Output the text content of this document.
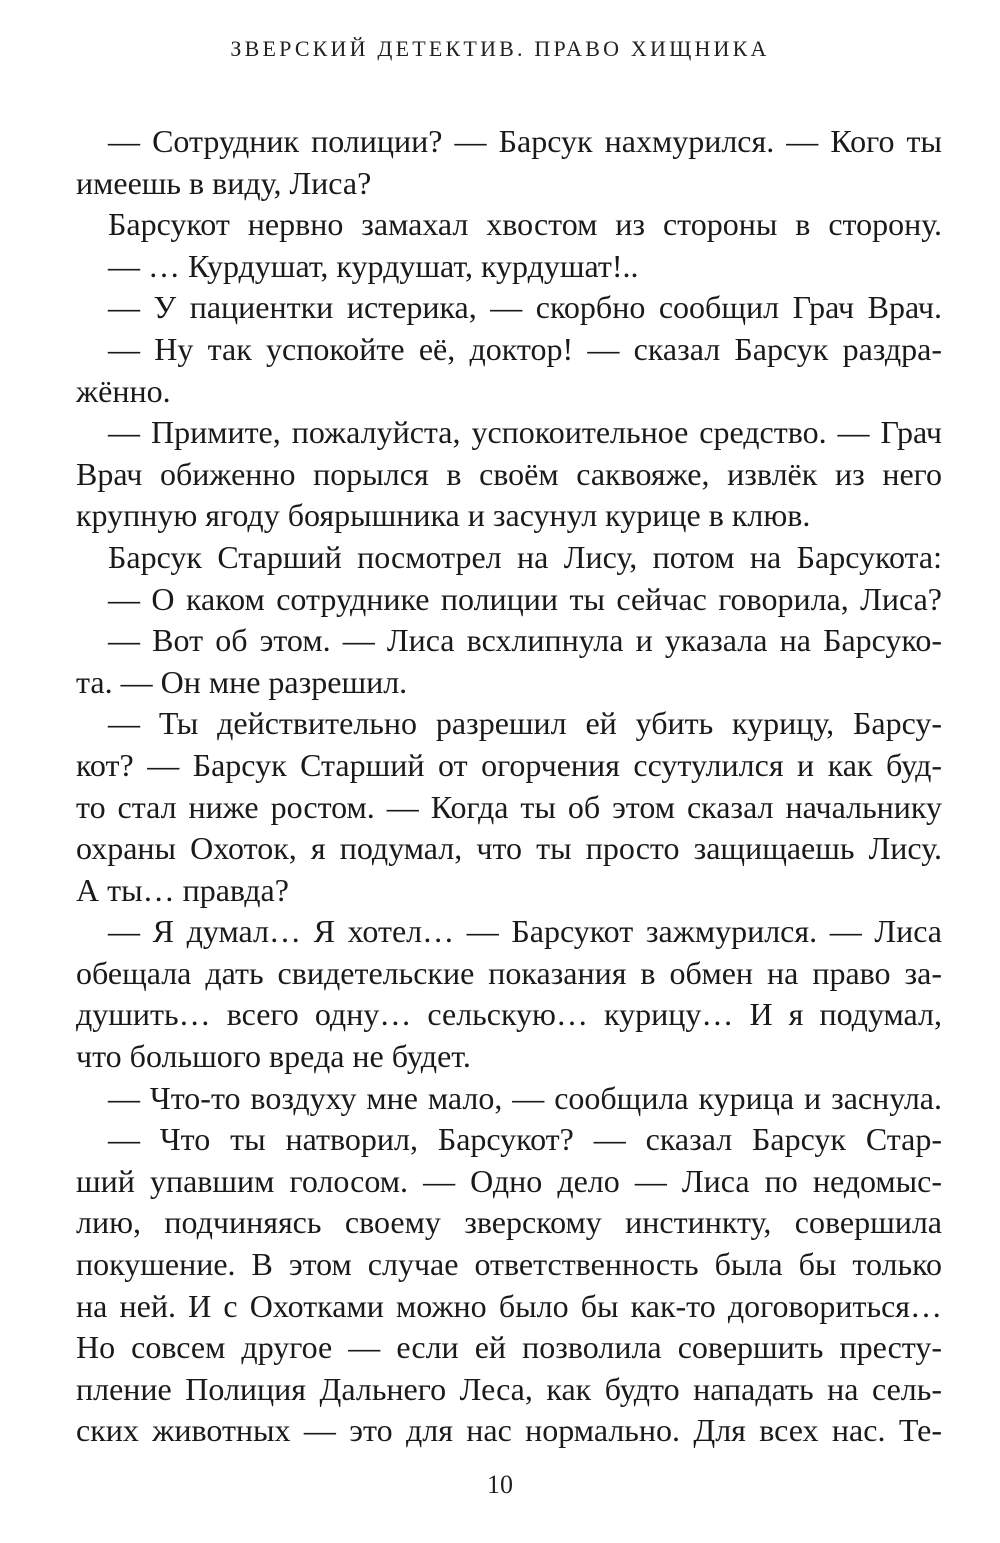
ЗВЕРСКИЙ ДЕТЕКТИВ. ПРАВО ХИЩНИКА
— Сотрудник полиции? — Барсук нахмурился. — Кого ты
имеешь в виду, Лиса?
Барсукот нервно замахал хвостом из стороны в сторону.
— … Курдушат, курдушат, курдушат!..
— У пациентки истерика, — скорбно сообщил Грач Врач.
— Ну так успокойте её, доктор! — сказал Барсук раздра-
жённо.
— Примите, пожалуйста, успокоительное средство. — Грач
Врач обиженно порылся в своём саквояже, извлёк из него
крупную ягоду боярышника и засунул курице в клюв.
Барсук Старший посмотрел на Лису, потом на Барсукота:
— О каком сотруднике полиции ты сейчас говорила, Лиса?
— Вот об этом. — Лиса всхлипнула и указала на Барсуко-
та. — Он мне разрешил.
— Ты действительно разрешил ей убить курицу, Барсу-
кот? — Барсук Старший от огорчения ссутулился и как буд-
то стал ниже ростом. — Когда ты об этом сказал начальнику
охраны Охоток, я подумал, что ты просто защищаешь Лису.
А ты… правда?
— Я думал… Я хотел… — Барсукот зажмурился. — Лиса
обещала дать свидетельские показания в обмен на право за-
душить… всего одну… сельскую… курицу… И я подумал,
что большого вреда не будет.
— Что-то воздуху мне мало, — сообщила курица и заснула.
— Что ты натворил, Барсукот? — сказал Барсук Стар-
ший упавшим голосом. — Одно дело — Лиса по недомыс-
лию, подчиняясь своему зверскому инстинкту, совершила
покушение. В этом случае ответственность была бы только
на ней. И с Охотками можно было бы как-то договориться…
Но совсем другое — если ей позволила совершить престу-
пление Полиция Дальнего Леса, как будто нападать на сель-
ских животных — это для нас нормально. Для всех нас. Те-
10
